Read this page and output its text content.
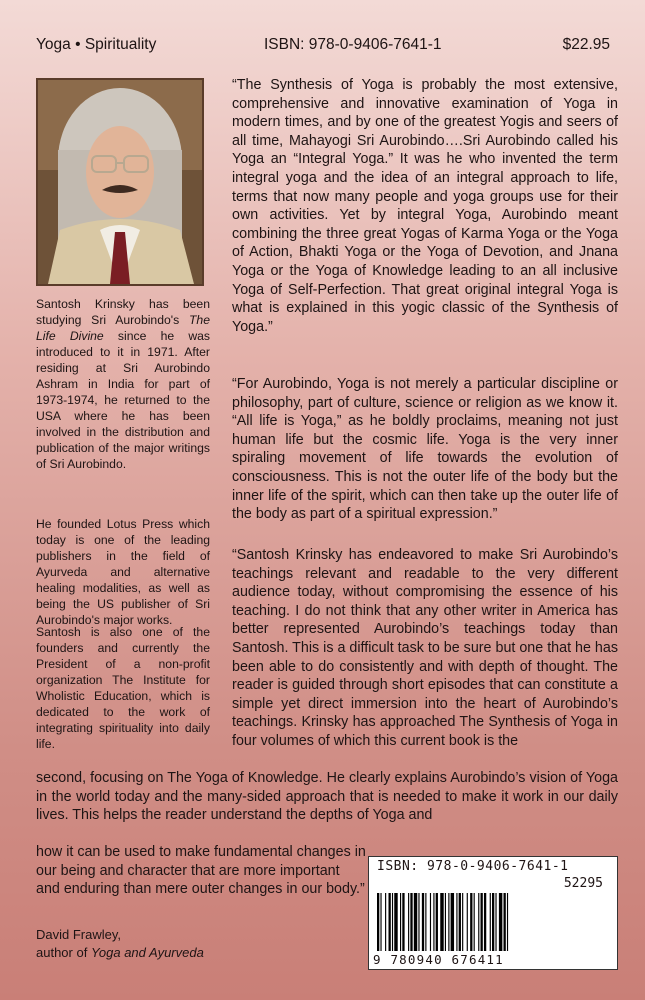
Yoga • Spirituality	ISBN: 978-0-9406-7641-1	$22.95

Santosh Krinsky has been studying Sri Aurobindo's The Life Divine since he was introduced to it in 1971. After residing at Sri Aurobindo Ashram in India for part of 1973-1974, he returned to the USA where he has been involved in the distribution and publication of the major writings of Sri Aurobindo.

He founded Lotus Press which today is one of the leading publishers in the field of Ayurveda and alternative healing modalities, as well as being the US publisher of Sri Aurobindo's major works.

Santosh is also one of the founders and currently the President of a non-profit organization The Institute for Wholistic Education, which is dedicated to the work of integrating spirituality into daily life.

“The Synthesis of Yoga is probably the most extensive, comprehensive and innovative examination of Yoga in modern times, and by one of the greatest Yogis and seers of all time, Mahayogi Sri Aurobindo….Sri Aurobindo called his Yoga an “Integral Yoga.” It was he who invented the term integral yoga and the idea of an integral approach to life, terms that now many people and yoga groups use for their own activities. Yet by integral Yoga, Aurobindo meant combining the three great Yogas of Karma Yoga or the Yoga of Action, Bhakti Yoga or the Yoga of Devotion, and Jnana Yoga or the Yoga of Knowledge leading to an all inclusive Yoga of Self-Perfection. That great original integral Yoga is what is explained in this yogic classic of the Synthesis of Yoga.”

“For Aurobindo, Yoga is not merely a particular discipline or philosophy, part of culture, science or religion as we know it. “All life is Yoga,” as he boldly proclaims, meaning not just human life but the cosmic life. Yoga is the very inner spiraling movement of life towards the evolution of consciousness. This is not the outer life of the body but the inner life of the spirit, which can then take up the outer life of the body as part of a spiritual expression.”

“Santosh Krinsky has endeavored to make Sri Aurobindo’s teachings relevant and readable to the very different audience today, without compromising the essence of his teaching. I do not think that any other writer in America has better represented Aurobindo’s teachings today than Santosh. This is a difficult task to be sure but one that he has been able to do consistently and with depth of thought. The reader is guided through short episodes that can constitute a simple yet direct immersion into the heart of Aurobindo’s teachings. Krinsky has approached The Synthesis of Yoga in four volumes of which this current book is the

second, focusing on The Yoga of Knowledge. He clearly explains Aurobindo’s vision of Yoga in the world today and the many-sided approach that is needed to make it work in our daily lives. This helps the reader understand the depths of Yoga and

how it can be used to make fundamental changes in our being and character that are more important and enduring than mere outer changes in our body.”

David Frawley,
author of Yoga and Ayurveda
ISBN: 978-0-9406-7641-1
52295
9 780940 676411
